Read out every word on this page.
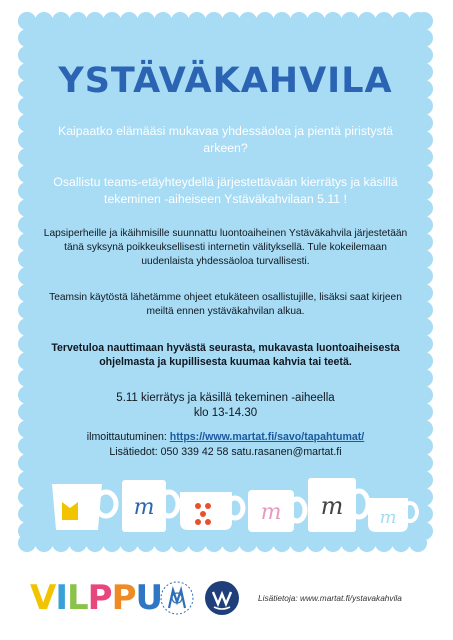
YSTÄVÄKAHVILA
Kaipaatko elämääsi mukavaa yhdessäoloa ja pientä piristystä arkeen?
Osallistu teams-etäyhteydellä järjestettävään kierrätys ja käsillä tekeminen -aiheiseen Ystäväkahvilaan 5.11 !
Lapsiperheille ja ikäihmisille suunnattu luontoaiheinen Ystäväkahvila järjestetään tänä syksynä poikkeuksellisesti internetin välityksellä. Tule kokeilemaan uudenlaista yhdessäoloa turvallisesti.
Teamsin käytöstä lähetämme ohjeet etukäteen osallistujille, lisäksi saat kirjeen meiltä ennen ystäväkahvilan alkua.
Tervetuloa nauttimaan hyvästä seurasta, mukavasta luontoaiheisesta ohjelmasta ja kupillisesta kuumaa kahvia tai teetä.
5.11 kierrätys ja käsillä tekeminen -aiheella
klo 13-14.30
ilmoittautuminen: https://www.martat.fi/savo/tapahtumat/
Lisätiedot: 050 339 42 58 satu.rasanen@martat.fi
m	m m m
VILPPU	Lisätietoja: www.martat.fi/ystavakahvila
